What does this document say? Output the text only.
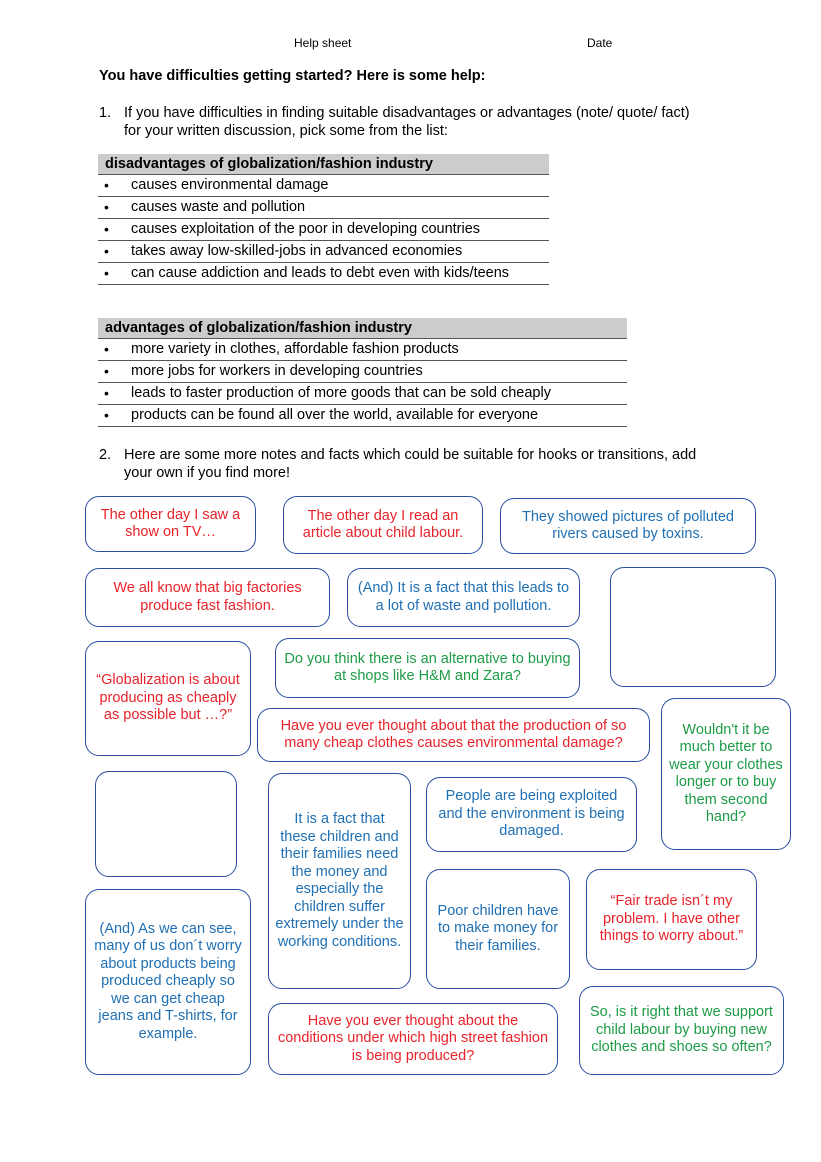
Help sheet	Date
You have difficulties getting started? Here is some help:
1. If you have difficulties in finding suitable disadvantages or advantages (note/ quote/ fact)
for your written discussion, pick some from the list:
disadvantages of globalization/fashion industry
• causes environmental damage
• causes waste and pollution
• causes exploitation of the poor in developing countries
• takes away low-skilled-jobs in advanced economies
• can cause addiction and leads to debt even with kids/teens
advantages of globalization/fashion industry
• more variety in clothes, affordable fashion products
• more jobs for workers in developing countries
• leads to faster production of more goods that can be sold cheaply
• products can be found all over the world, available for everyone
2. Here are some more notes and facts which could be suitable for hooks or transitions, add
your own if you find more!
The other day I saw a show on TV…
The other day I read an article about child labour.
They showed pictures of polluted rivers caused by toxins.
We all know that big factories produce fast fashion.
(And) It is a fact that this leads to a lot of waste and pollution.
Do you think there is an alternative to buying at shops like H&M and Zara?
“Globalization is about producing as cheaply as possible but …?”
Have you ever thought about that the production of so many cheap clothes causes environmental damage?
Wouldn't it be much better to wear your clothes longer or to buy them second hand?
It is a fact that these children and their families need the money and especially the children suffer extremely under the working conditions.
People are being exploited and the environment is being damaged.
(And) As we can see, many of us don´t worry about products being produced cheaply so we can get cheap jeans and T-shirts, for example.
Poor children have to make money for their families.
“Fair trade isn´t my problem. I have other things to worry about.”
Have you ever thought about the conditions under which high street fashion is being produced?
So, is it right that we support child labour by buying new clothes and shoes so often?
